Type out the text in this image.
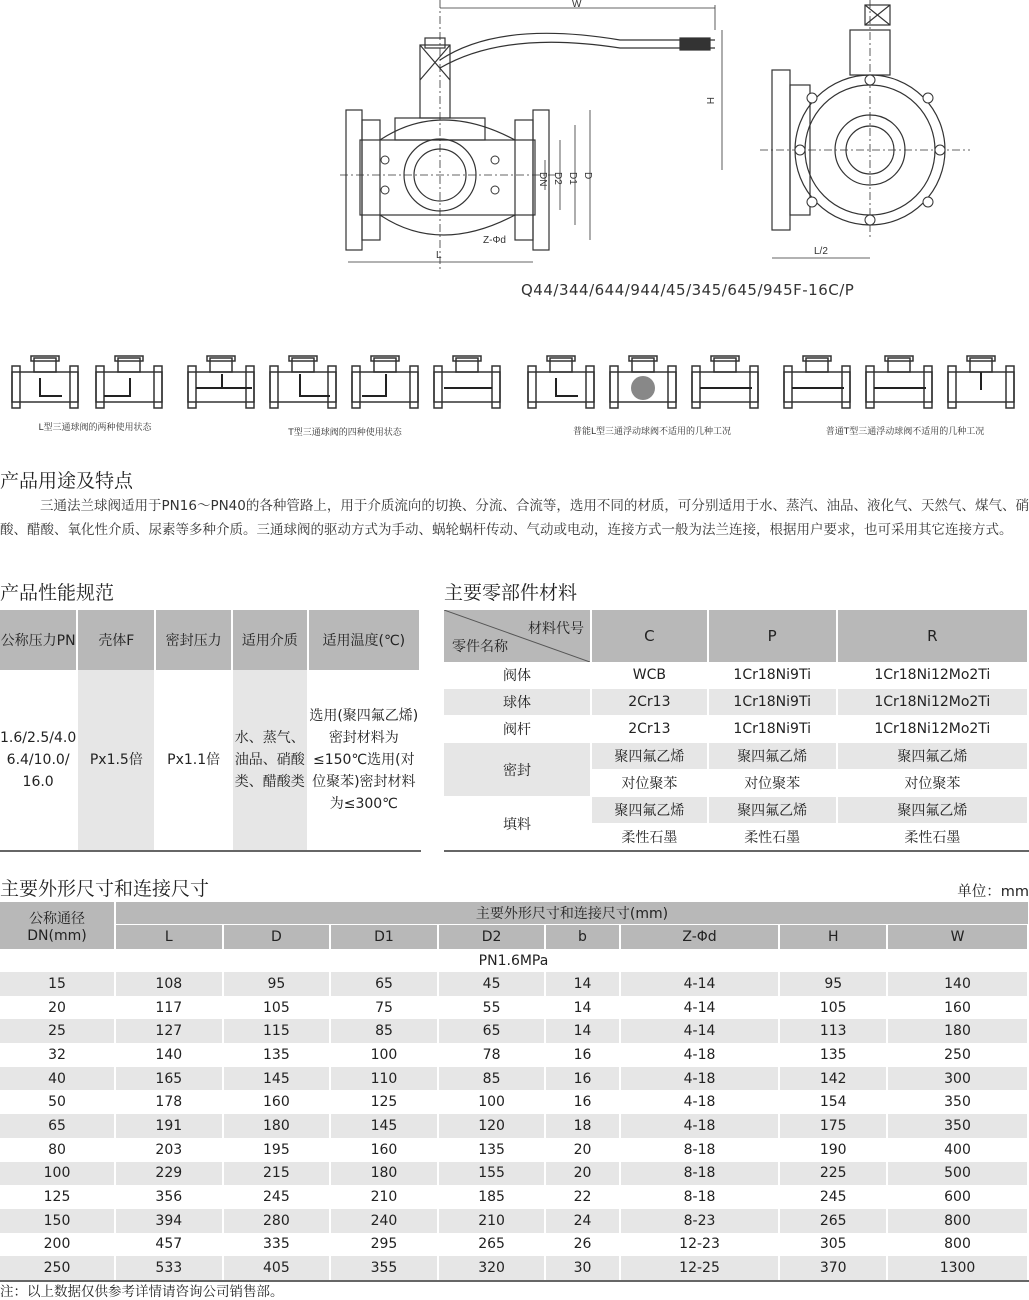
W
H
DN D2 D1 D
L
Z-Φd
L/2
Q44/344/644/944/45/345/645/945F-16C/P
L型三通球阀的两种使用状态	T型三通球阀的四种使用状态	普能L型三通浮动球阀不适用的几种工况	普通T型三通浮动球阀不适用的几种工况
产品用途及特点

三通法兰球阀适用于PN16～PN40的各种管路上，用于介质流向的切换、分流、合流等，选用不同的材质，可分别适用于水、蒸汽、油品、液化气、天然气、煤气、硝酸、醋酸、氧化性介质、尿素等多种介质。三通球阀的驱动方式为手动、蜗轮蜗杆传动、气动或电动，连接方式一般为法兰连接，根据用户要求，也可采用其它连接方式。

产品性能规范
公称压力PN	壳体F	密封压力	适用介质	适用温度(℃)
1.6/2.5/4.0 6.4/10.0/ 16.0	Px1.5倍	Px1.1倍	水、蒸气、油品、硝酸类、醋酸类	选用(聚四氟乙烯)密封材料为≤150℃选用(对位聚苯)密封材料为≤300℃
主要零部件材料
材料代号
零件名称	C	P	R
阀体	WCB	1Cr18Ni9Ti	1Cr18Ni12Mo2Ti
球体	2Cr13	1Cr18Ni9Ti	1Cr18Ni12Mo2Ti
阀杆	2Cr13	1Cr18Ni9Ti	1Cr18Ni12Mo2Ti
密封	聚四氟乙烯	聚四氟乙烯	聚四氟乙烯
	对位聚苯	对位聚苯	对位聚苯
填料	聚四氟乙烯	聚四氟乙烯	聚四氟乙烯
	柔性石墨	柔性石墨	柔性石墨
主要外形尺寸和连接尺寸	单位：mm
公称通径 DN(mm)	主要外形尺寸和连接尺寸(mm)							
	L	D	D1	D2	b	Z-Φd	H	W
PN1.6MPa								
15	108	95	65	45	14	4-14	95	140
20	117	105	75	55	14	4-14	105	160
25	127	115	85	65	14	4-14	113	180
32	140	135	100	78	16	4-18	135	250
40	165	145	110	85	16	4-18	142	300
50	178	160	125	100	16	4-18	154	350
65	191	180	145	120	18	4-18	175	350
80	203	195	160	135	20	8-18	190	400
100	229	215	180	155	20	8-18	225	500
125	356	245	210	185	22	8-18	245	600
150	394	280	240	210	24	8-23	265	800
200	457	335	295	265	26	12-23	305	800
250	533	405	355	320	30	12-25	370	1300
注：以上数据仅供参考详情请咨询公司销售部。
